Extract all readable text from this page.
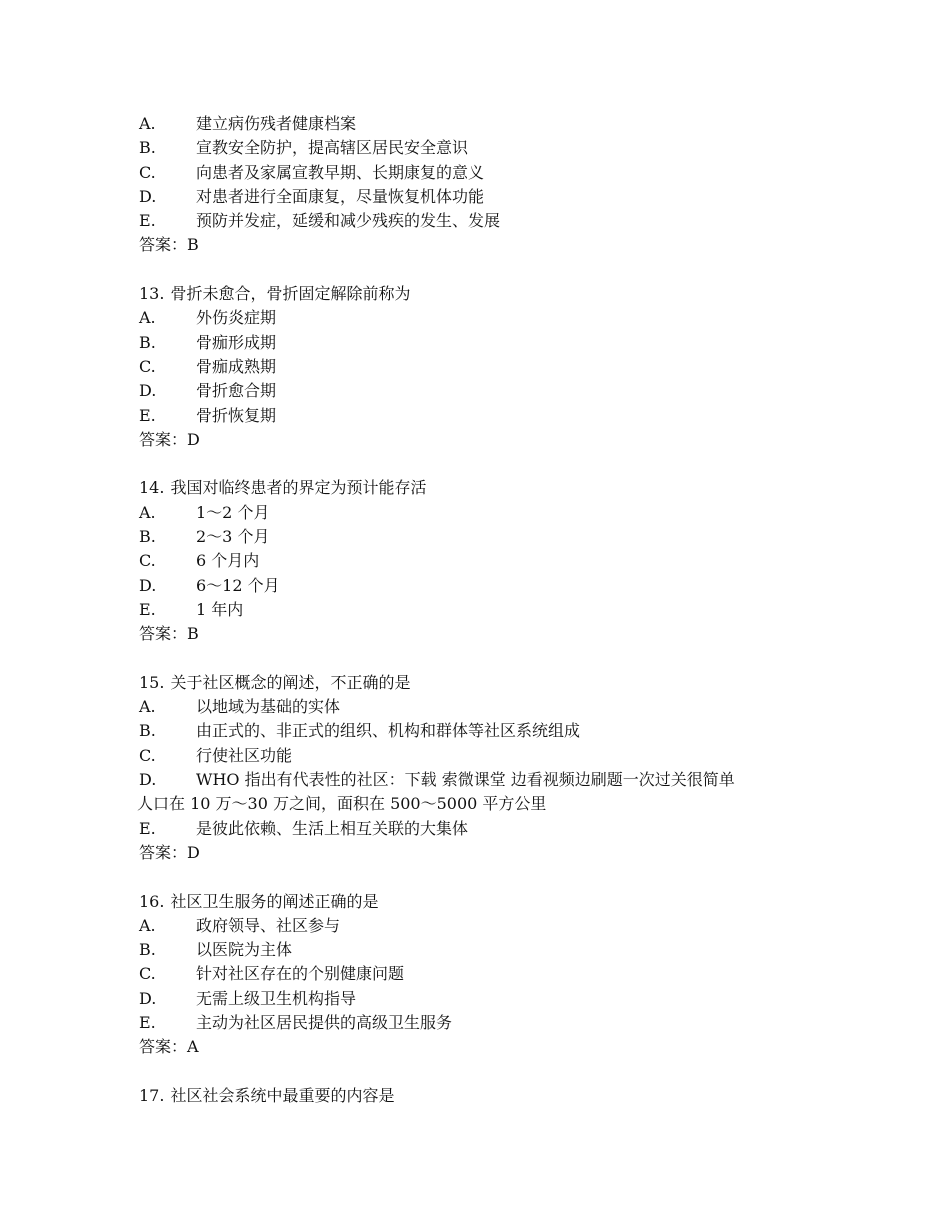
A.	建立病伤残者健康档案
B.	宣教安全防护，提高辖区居民安全意识
C.	向患者及家属宣教早期、长期康复的意义
D. 对患者进行全面康复，尽量恢复机体功能
E.	预防并发症，延缓和减少残疾的发生、发展
答案：B
13. 骨折未愈合，骨折固定解除前称为
A.	外伤炎症期
B.	骨痂形成期
C.	骨痂成熟期
D. 骨折愈合期
E.	骨折恢复期
答案：D
14. 我国对临终患者的界定为预计能存活
A.	1～2 个月
B.	2～3 个月
C.	6 个月内
D. 6～12 个月
E.	1 年内
答案：B
15. 关于社区概念的阐述，不正确的是
A.	以地域为基础的实体
B.	由正式的、非正式的组织、机构和群体等社区系统组成
C.	行使社区功能
D. WHO 指出有代表性的社区：下载 索微课堂 边看视频边刷题一次过关很简单
人口在 10 万～30 万之间，面积在 500～5000 平方公里
E.	是彼此依赖、生活上相互关联的大集体
答案：D
16. 社区卫生服务的阐述正确的是
A.	政府领导、社区参与
B.	以医院为主体
C.	针对社区存在的个别健康问题
D. 无需上级卫生机构指导
E.	主动为社区居民提供的高级卫生服务
答案：A
17. 社区社会系统中最重要的内容是
